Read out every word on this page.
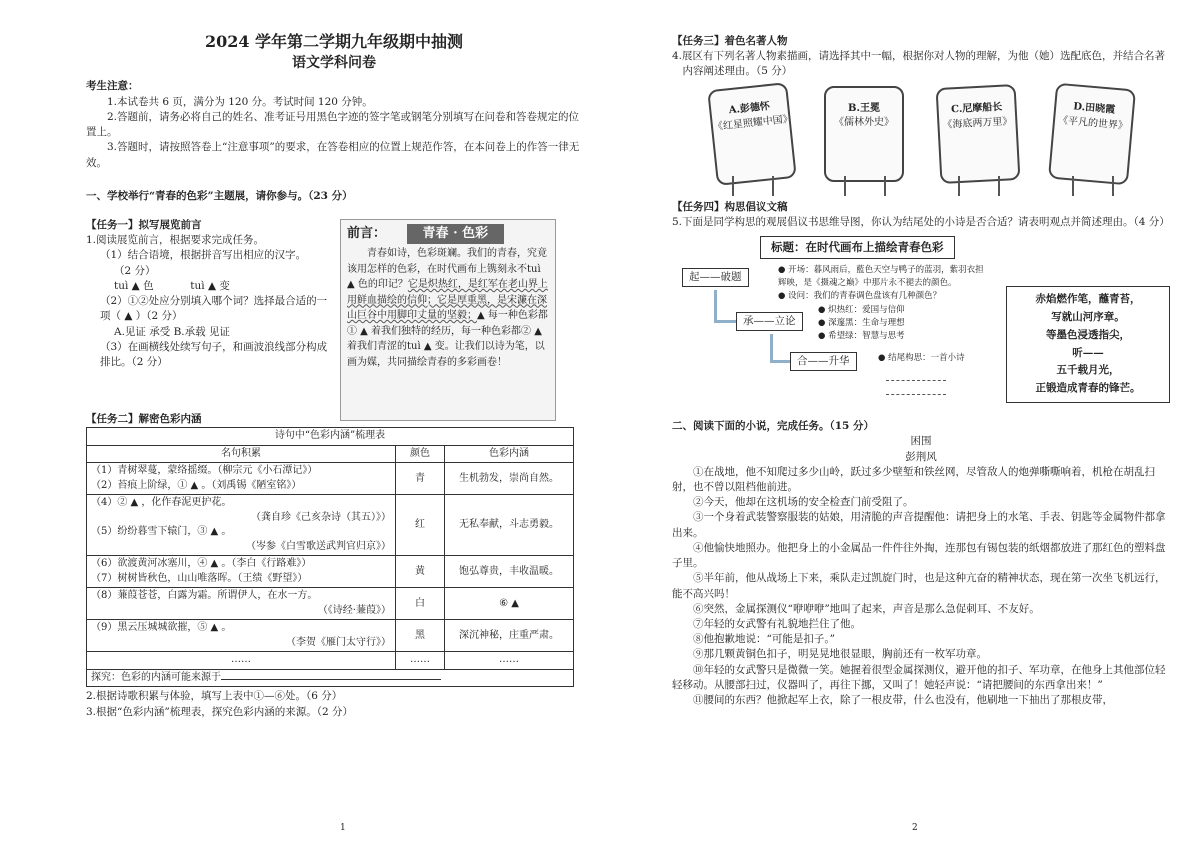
2024 学年第二学期九年级期中抽测

语文学科问卷

考生注意：

1.本试卷共 6 页，满分为 120 分。考试时间 120 分钟。

2.答题前，请务必将自己的姓名、准考证号用黑色字迹的签字笔或钢笔分别填写在问卷和答卷规定的位置上。

3.答题时，请按照答卷上“注意事项”的要求，在答卷相应的位置上规范作答，在本问卷上的作答一律无效。

一、学校举行“青春的色彩”主题展，请你参与。（23 分）

【任务一】拟写展览前言

1.阅读展览前言，根据要求完成任务。

（1）结合语境，根据拼音写出相应的汉字。

（2 分）

tuì ▲ 色	tuì ▲ 变

（2）①②处应分别填入哪个词？选择最合适的一项（ ▲ ）（2 分）

A.见证 承受 B.承载 见证

（3）在画横线处续写句子，和画波浪线部分构成排比。（2 分）

前言：	青春 · 色彩

青春如诗，色彩斑斓。我们的青春，究竟该用怎样的色彩，在时代画布上镌刻永不tuì ▲ 色的印记？它是炽热红，是红军在老山界上用鲜血描绘的信仰；它是厚重黑，是宋濂在深山巨谷中用脚印丈量的坚毅；▲ 每一种色彩都① ▲ 着我们独特的经历，每一种色彩都② ▲ 着我们青涩的tuì ▲ 变。让我们以诗为笔，以画为媒，共同描绘青春的多彩画卷！

【任务二】解密色彩内涵

诗句中“色彩内涵”梳理表		
名句积累	颜色	色彩内涵

（1）青树翠蔓，蒙络摇缀。（柳宗元《小石潭记》）
（2）苔痕上阶绿，① ▲ 。（刘禹锡《陋室铭》）	青	生机勃发，崇尚自然。

（4）② ▲ ，化作春泥更护花。
（龚自珍《己亥杂诗（其五）》）
（5）纷纷暮雪下辕门，③ ▲ 。
（岑参《白雪歌送武判官归京》）	红	无私奉献，斗志勇毅。

（6）欲渡黄河冰塞川，④ ▲ 。（李白《行路难》）
（7）树树皆秋色，山山唯落晖。（王绩《野望》）	黄	饱弘尊贵，丰收温暖。

（8）蒹葭苍苍，白露为霜。所谓伊人，在水一方。
（《诗经·蒹葭》）	白	⑥ ▲

（9）黑云压城城欲摧，⑤ ▲ 。
（李贺《雁门太守行》）	黑	深沉神秘，庄重严肃。
……	……	……
探究：色彩的内涵可能来源于		

2.根据诗歌积累与体验，填写上表中①—⑥处。（6 分）

3.根据“色彩内涵”梳理表，探究色彩内涵的来源。（2 分）

1

【任务三】着色名著人物

4.展区有下列名著人物素描画，请选择其中一幅，根据你对人物的理解，为他（她）选配底色，并结合名著内容阐述理由。（5 分）

A.彭德怀
《红星照耀中国》
B.王冕
《儒林外史》
C.尼摩船长
《海底两万里》
D.田晓霞
《平凡的世界》

【任务四】构思倡议文稿

5.下面是同学构思的观展倡议书思维导图，你认为结尾处的小诗是否合适？请表明观点并简述理由。（4 分）

标题：在时代画布上描绘青春色彩
起——破题
● 开场：暮风雨后，藍色天空与鸭子的蓝羽，紫羽衣担
辉映，是《摄魂之巅》中那片永不褪去的颜色。
● 设问：我们的青春调色盘该有几种颜色？
承——立论
● 炽热红：爱国与信仰
● 深邃黑：生命与理想
● 希望绿：智慧与思考
合——升华	● 结尾构思：一首小诗
赤焰燃作笔，蘸青苔，
写就山河序章。
等墨色浸透指尖，
听——
五千载月光，
正锻造成青春的锋芒。

二、阅读下面的小说，完成任务。（15 分）

困围

彭荆风

①在战地，他不知爬过多少山岭，跃过多少壁堑和铁丝网，尽管敌人的炮弹嘶嘶响着，机枪在胡乱扫射，也不曾以阻档他前进。

②今天，他却在这机场的安全检查门前受阻了。

③一个身着武装警察服装的姑娘，用清脆的声音提醒他：请把身上的水笔、手表、钥匙等金属物件都拿出来。

④他愉快地照办。他把身上的小金属品一件件往外掏，连那包有锡包装的纸烟都放进了那红色的塑料盘子里。

⑤半年前，他从战场上下来，乘队走过凯旋门时，也是这种亢奋的精神状态，现在第一次坐飞机远行，能不高兴吗！

⑥突然，金属探测仪“咿咿咿”地叫了起来，声音是那么急促刺耳、不友好。

⑦年轻的女武警有礼貌地拦住了他。

⑧他抱歉地说：“可能是扣子。”

⑨那几颗黄铜色扣子，明晃晃地很显眼，胸前还有一枚军功章。

⑩年轻的女武警只是微微一笑。她握着很型金属探测仪，避开他的扣子、军功章，在他身上其他部位轻轻移动。从腰部扫过，仪器叫了，再往下挪，又叫了！她轻声说：“请把腰间的东西拿出来！”

⑪腰间的东西？他掀起军上衣，除了一根皮带，什么也没有，他刷地一下抽出了那根皮带，

2
